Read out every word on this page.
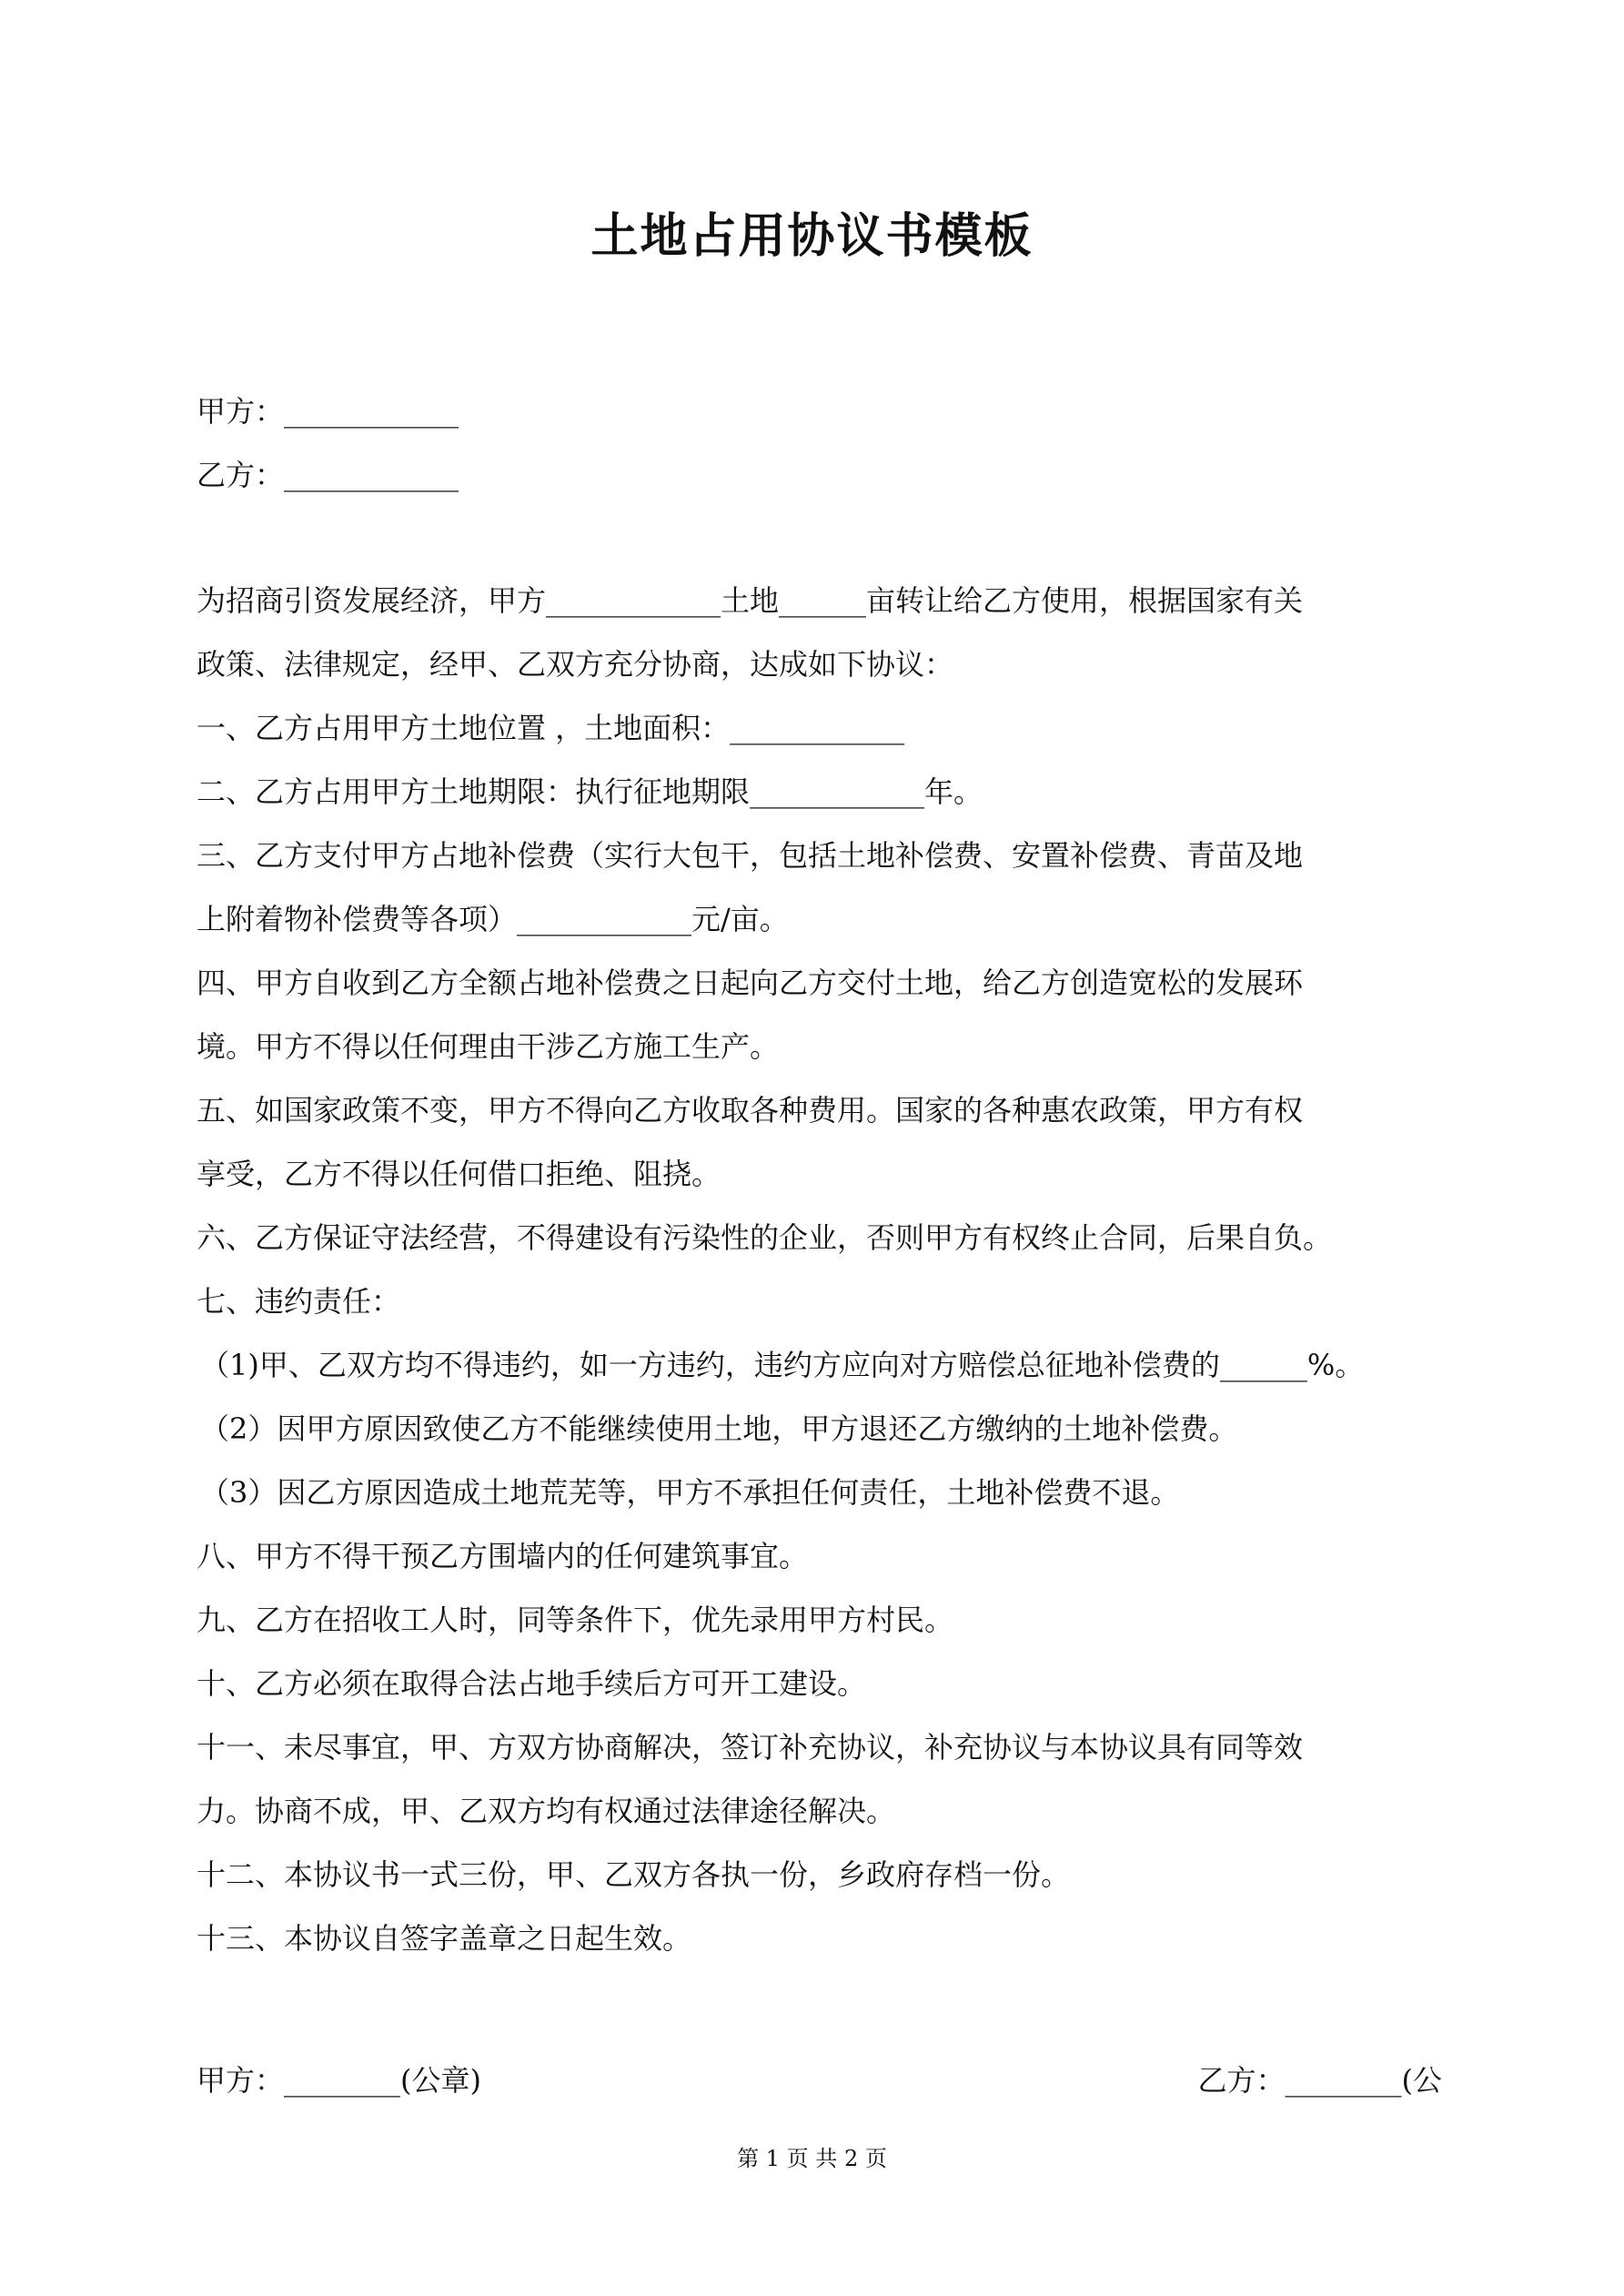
土地占用协议书模板
甲方：____________
乙方：____________
为招商引资发展经济，甲方____________土地______亩转让给乙方使用，根据国家有关
政策、法律规定，经甲、乙双方充分协商，达成如下协议：
一、乙方占用甲方土地位置 ，土地面积：____________
二、乙方占用甲方土地期限：执行征地期限____________年。
三、乙方支付甲方占地补偿费（实行大包干，包括土地补偿费、安置补偿费、青苗及地
上附着物补偿费等各项）____________元/亩。
四、甲方自收到乙方全额占地补偿费之日起向乙方交付土地，给乙方创造宽松的发展环
境。甲方不得以任何理由干涉乙方施工生产。
五、如国家政策不变，甲方不得向乙方收取各种费用。国家的各种惠农政策，甲方有权
享受，乙方不得以任何借口拒绝、阻挠。
六、乙方保证守法经营，不得建设有污染性的企业，否则甲方有权终止合同，后果自负。
七、违约责任：
（1)甲、乙双方均不得违约，如一方违约，违约方应向对方赔偿总征地补偿费的______%。
（2）因甲方原因致使乙方不能继续使用土地，甲方退还乙方缴纳的土地补偿费。
（3）因乙方原因造成土地荒芜等，甲方不承担任何责任，土地补偿费不退。
八、甲方不得干预乙方围墙内的任何建筑事宜。
九、乙方在招收工人时，同等条件下，优先录用甲方村民。
十、乙方必须在取得合法占地手续后方可开工建设。
十一、未尽事宜，甲、方双方协商解决，签订补充协议，补充协议与本协议具有同等效
力。协商不成，甲、乙双方均有权通过法律途径解决。
十二、本协议书一式三份，甲、乙双方各执一份，乡政府存档一份。
十三、本协议自签字盖章之日起生效。
甲方：________(公章)	乙方：________(公
第 1 页 共 2 页
